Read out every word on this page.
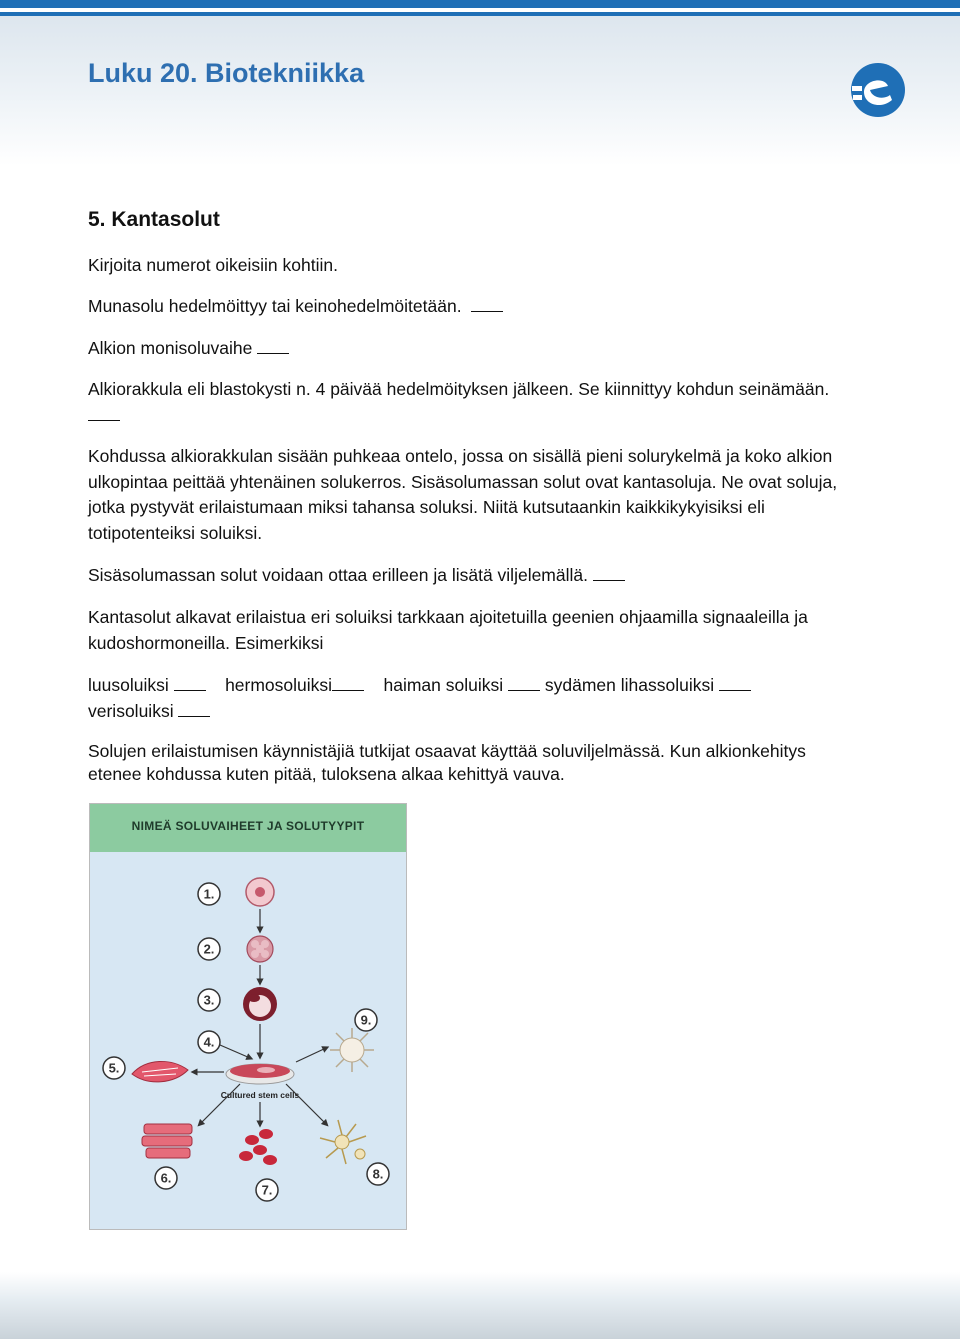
Luku 20. Biotekniikka
5. Kantasolut

Kirjoita numerot oikeisiin kohtiin.

Munasolu hedelmöittyy tai keinohedelmöitetään.

Alkion monisoluvaihe

Alkiorakkula eli blastokysti n. 4 päivää hedelmöityksen jälkeen. Se kiinnittyy kohdun seinämään.

Kohdussa alkiorakkulan sisään puhkeaa ontelo, jossa on sisällä pieni solurykelmä ja koko alkion ulkopintaa peittää yhtenäinen solukerros. Sisäsolumassan solut ovat kantasoluja. Ne ovat soluja, jotka pystyvät erilaistumaan miksi tahansa soluksi. Niitä kutsutaankin kaikkikykyisiksi eli totipotenteiksi soluiksi.

Sisäsolumassan solut voidaan ottaa erilleen ja lisätä viljelemällä.

Kantasolut alkavat erilaistua eri soluiksi tarkkaan ajoitetuilla geenien ohjaamilla signaaleilla ja kudoshormoneilla. Esimerkiksi

luusoluiksi	hermosoluiksi	haiman soluiksi sydämen lihassoluiksi
verisoluiksi

Solujen erilaistumisen käynnistäjiä tutkijat osaavat käyttää soluviljelmässä. Kun alkionkehitys etenee kohdussa kuten pitää, tuloksena alkaa kehittyä vauva.

NIMEÄ SOLUVAIHEET JA SOLUTYYPIT
1.
2.
3.
4.
5.
6.
7.
8.
9.
Cultured stem cells
